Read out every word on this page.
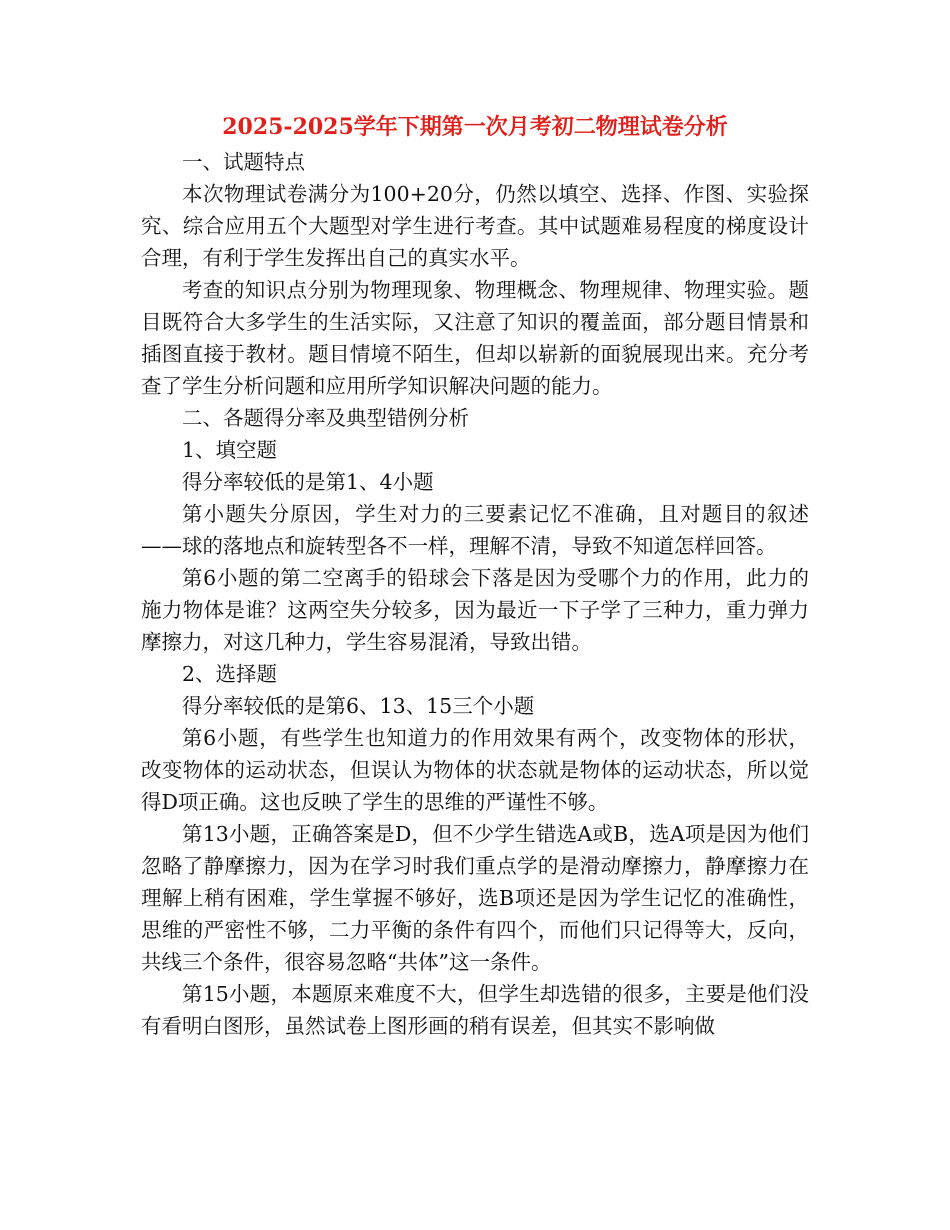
2025-2025学年下期第一次月考初二物理试卷分析

一、试题特点

本次物理试卷满分为100+20分，仍然以填空、选择、作图、实验探究、综合应用五个大题型对学生进行考查。其中试题难易程度的梯度设计合理，有利于学生发挥出自己的真实水平。

考查的知识点分别为物理现象、物理概念、物理规律、物理实验。题目既符合大多学生的生活实际，又注意了知识的覆盖面，部分题目情景和插图直接于教材。题目情境不陌生，但却以崭新的面貌展现出来。充分考查了学生分析问题和应用所学知识解决问题的能力。

二、各题得分率及典型错例分析

1、填空题

得分率较低的是第1、4小题

第小题失分原因，学生对力的三要素记忆不准确，且对题目的叙述——球的落地点和旋转型各不一样，理解不清，导致不知道怎样回答。

第6小题的第二空离手的铅球会下落是因为受哪个力的作用，此力的施力物体是谁？这两空失分较多，因为最近一下子学了三种力，重力弹力摩擦力，对这几种力，学生容易混淆，导致出错。

2、选择题

得分率较低的是第6、13、15三个小题

第6小题，有些学生也知道力的作用效果有两个，改变物体的形状，改变物体的运动状态，但误认为物体的状态就是物体的运动状态，所以觉得D项正确。这也反映了学生的思维的严谨性不够。

第13小题，正确答案是D，但不少学生错选A或B，选A项是因为他们忽略了静摩擦力，因为在学习时我们重点学的是滑动摩擦力，静摩擦力在理解上稍有困难，学生掌握不够好，选B项还是因为学生记忆的准确性，思维的严密性不够，二力平衡的条件有四个，而他们只记得等大，反向，共线三个条件，很容易忽略“共体”这一条件。

第15小题，本题原来难度不大，但学生却选错的很多，主要是他们没有看明白图形，虽然试卷上图形画的稍有误差，但其实不影响做
